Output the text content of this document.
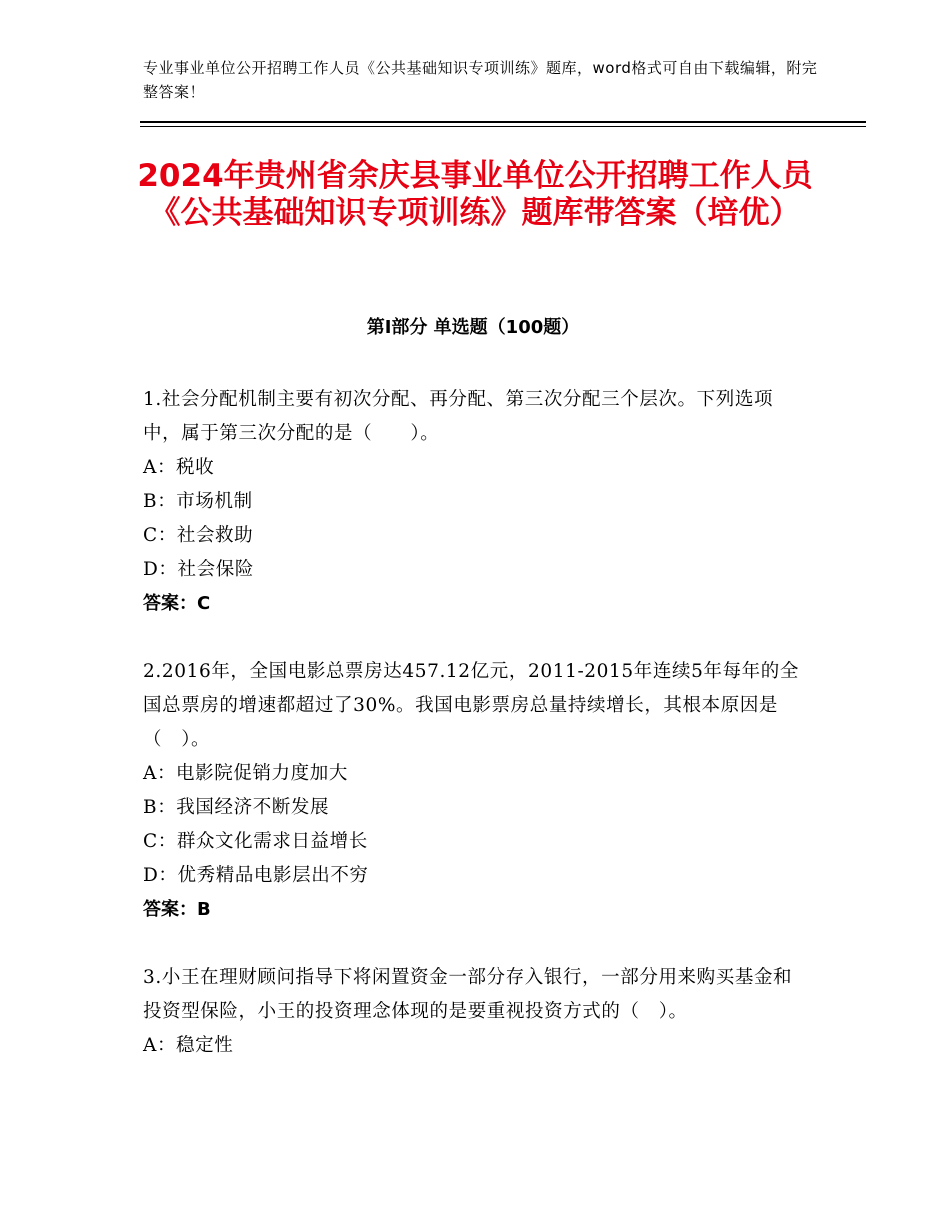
专业事业单位公开招聘工作人员《公共基础知识专项训练》题库，word格式可自由下载编辑，附完整答案！
2024年贵州省余庆县事业单位公开招聘工作人员《公共基础知识专项训练》题库带答案（培优）
第Ⅰ部分 单选题（100题）

1.社会分配机制主要有初次分配、再分配、第三次分配三个层次。下列选项中，属于第三次分配的是（　　）。

A：税收
B：市场机制
C：社会救助
D：社会保险
答案：C

2.2016年，全国电影总票房达457.12亿元，2011-2015年连续5年每年的全国总票房的增速都超过了30%。我国电影票房总量持续增长，其根本原因是（　）。

A：电影院促销力度加大
B：我国经济不断发展
C：群众文化需求日益增长
D：优秀精品电影层出不穷
答案：B

3.小王在理财顾问指导下将闲置资金一部分存入银行，一部分用来购买基金和投资型保险，小王的投资理念体现的是要重视投资方式的（　）。

A：稳定性
